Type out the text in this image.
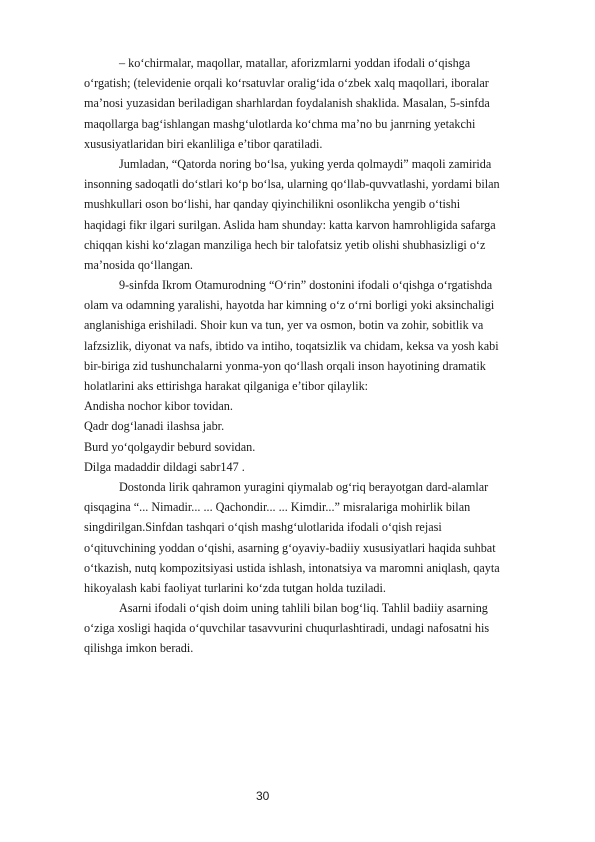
– ko‘chirmalar, maqollar, matallar, aforizmlarni yoddan ifodali o‘qishga
o‘rgatish; (televidenie orqali ko‘rsatuvlar oralig‘ida o‘zbek xalq maqollari, iboralar
ma’nosi yuzasidan beriladigan sharhlardan foydalanish shaklida. Masalan, 5-sinfda
maqollarga bag‘ishlangan mashg‘ulotlarda ko‘chma ma’no bu janrning yetakchi
xususiyatlaridan biri ekanliliga e’tibor qaratiladi.
Jumladan, “Qatorda noring bo‘lsa, yuking yerda qolmaydi” maqoli zamirida
insonning sadoqatli do‘stlari ko‘p bo‘lsa, ularning qo‘llab-quvvatlashi, yordami bilan
mushkullari oson bo‘lishi, har qanday qiyinchilikni osonlikcha yengib o‘tishi
haqidagi fikr ilgari surilgan. Aslida ham shunday: katta karvon hamrohligida safarga
chiqqan kishi ko‘zlagan manziliga hech bir talofatsiz yetib olishi shubhasizligi o‘z
ma’nosida qo‘llangan.
9-sinfda Ikrom Otamurodning “O‘rin” dostonini ifodali o‘qishga o‘rgatishda
olam va odamning yaralishi, hayotda har kimning o‘z o‘rni borligi yoki aksinchaligi
anglanishiga erishiladi. Shoir kun va tun, yer va osmon, botin va zohir, sobitlik va
lafzsizlik, diyonat va nafs, ibtido va intiho, toqatsizlik va chidam, keksa va yosh kabi
bir-biriga zid tushunchalarni yonma-yon qo‘llash orqali inson hayotining dramatik
holatlarini aks ettirishga harakat qilganiga e’tibor qilaylik:
Andisha nochor kibor tovidan.
Qadr dog‘lanadi ilashsa jabr.
Burd yo‘qolgaydir beburd sovidan.
Dilga madaddir dildagi sabr147 .
Dostonda lirik qahramon yuragini qiymalab og‘riq berayotgan dard-alamlar
qisqagina “... Nimadir... ... Qachondir... ... Kimdir...” misralariga mohirlik bilan
singdirilgan.Sinfdan tashqari o‘qish mashg‘ulotlarida ifodali o‘qish rejasi
o‘qituvchining yoddan o‘qishi, asarning g‘oyaviy-badiiy xususiyatlari haqida suhbat
o‘tkazish, nutq kompozitsiyasi ustida ishlash, intonatsiya va maromni aniqlash, qayta
hikoyalash kabi faoliyat turlarini ko‘zda tutgan holda tuziladi.
Asarni ifodali o‘qish doim uning tahlili bilan bog‘liq. Tahlil badiiy asarning
o‘ziga xosligi haqida o‘quvchilar tasavvurini chuqurlashtiradi, undagi nafosatni his
qilishga imkon beradi.
30
